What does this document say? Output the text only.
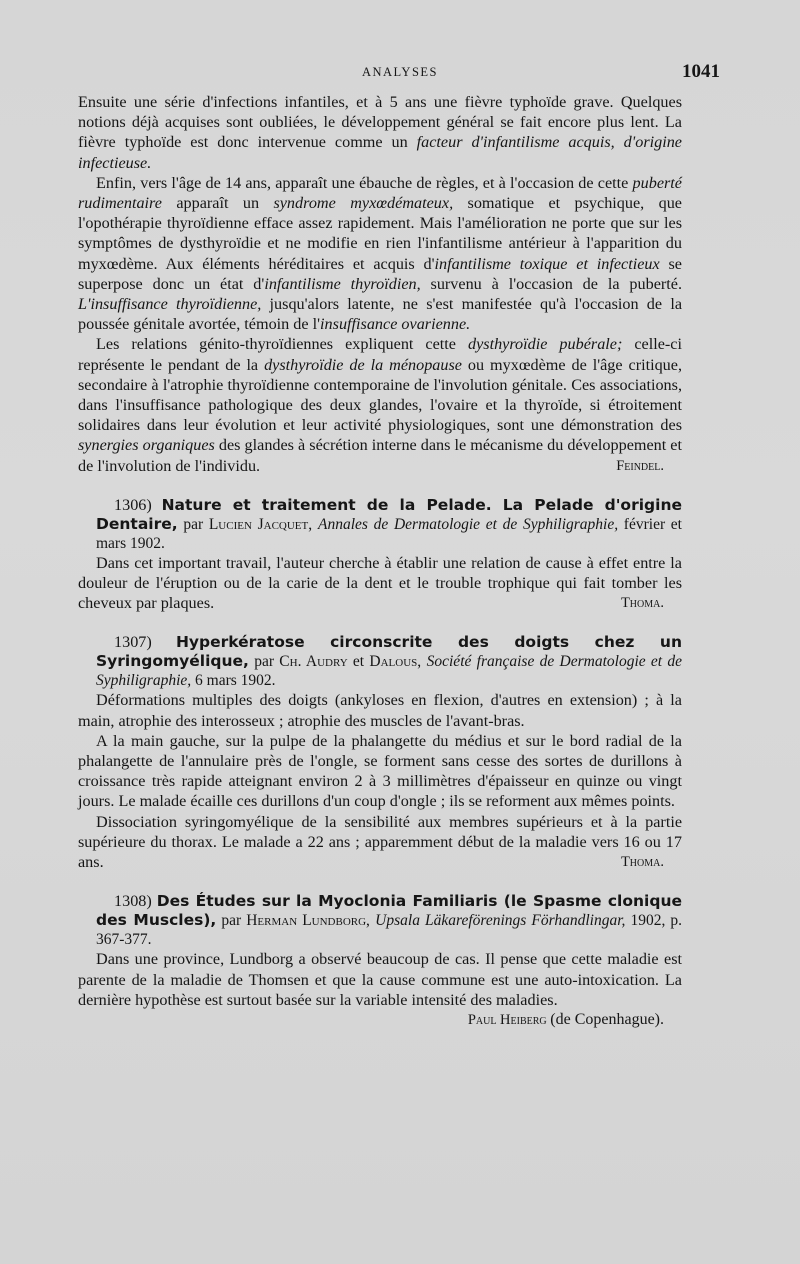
ANALYSES	1041

Ensuite une série d'infections infantiles, et à 5 ans une fièvre typhoïde grave. Quelques notions déjà acquises sont oubliées, le développement général se fait encore plus lent. La fièvre typhoïde est donc intervenue comme un facteur d'infantilisme acquis, d'origine infectieuse.

Enfin, vers l'âge de 14 ans, apparaît une ébauche de règles, et à l'occasion de cette puberté rudimentaire apparaît un syndrome myxœdémateux, somatique et psychique, que l'opothérapie thyroïdienne efface assez rapidement. Mais l'amélioration ne porte que sur les symptômes de dysthyroïdie et ne modifie en rien l'infantilisme antérieur à l'apparition du myxœdème. Aux éléments héréditaires et acquis d'infantilisme toxique et infectieux se superpose donc un état d'infantilisme thyroïdien, survenu à l'occasion de la puberté. L'insuffisance thyroïdienne, jusqu'alors latente, ne s'est manifestée qu'à l'occasion de la poussée génitale avortée, témoin de l'insuffisance ovarienne.

Les relations génito-thyroïdiennes expliquent cette dysthyroïdie pubérale; celle-ci représente le pendant de la dysthyroïdie de la ménopause ou myxœdème de l'âge critique, secondaire à l'atrophie thyroïdienne contemporaine de l'involution génitale. Ces associations, dans l'insuffisance pathologique des deux glandes, l'ovaire et la thyroïde, si étroitement solidaires dans leur évolution et leur activité physiologiques, sont une démonstration des synergies organiques des glandes à sécrétion interne dans le mécanisme du développement et de l'involution de l'individu.	Feindel.

1306) Nature et traitement de la Pelade. La Pelade d'origine Dentaire, par Lucien Jacquet, Annales de Dermatologie et de Syphiligraphie, février et mars 1902.

Dans cet important travail, l'auteur cherche à établir une relation de cause à effet entre la douleur de l'éruption ou de la carie de la dent et le trouble trophique qui fait tomber les cheveux par plaques.	Thoma.

1307) Hyperkératose circonscrite des doigts chez un Syringomyélique, par Ch. Audry et Dalous, Société française de Dermatologie et de Syphiligraphie, 6 mars 1902.

Déformations multiples des doigts (ankyloses en flexion, d'autres en extension) ; à la main, atrophie des interosseux ; atrophie des muscles de l'avant-bras.

A la main gauche, sur la pulpe de la phalangette du médius et sur le bord radial de la phalangette de l'annulaire près de l'ongle, se forment sans cesse des sortes de durillons à croissance très rapide atteignant environ 2 à 3 millimètres d'épaisseur en quinze ou vingt jours. Le malade écaille ces durillons d'un coup d'ongle ; ils se reforment aux mêmes points.

Dissociation syringomyélique de la sensibilité aux membres supérieurs et à la partie supérieure du thorax. Le malade a 22 ans ; apparemment début de la maladie vers 16 ou 17 ans.	Thoma.

1308) Des Études sur la Myoclonia Familiaris (le Spasme clonique des Muscles), par Herman Lundborg, Upsala Läkareförenings Förhandlingar, 1902, p. 367-377.

Dans une province, Lundborg a observé beaucoup de cas. Il pense que cette maladie est parente de la maladie de Thomsen et que la cause commune est une auto-intoxication. La dernière hypothèse est surtout basée sur la variable intensité des maladies.
Paul Heiberg (de Copenhague).
